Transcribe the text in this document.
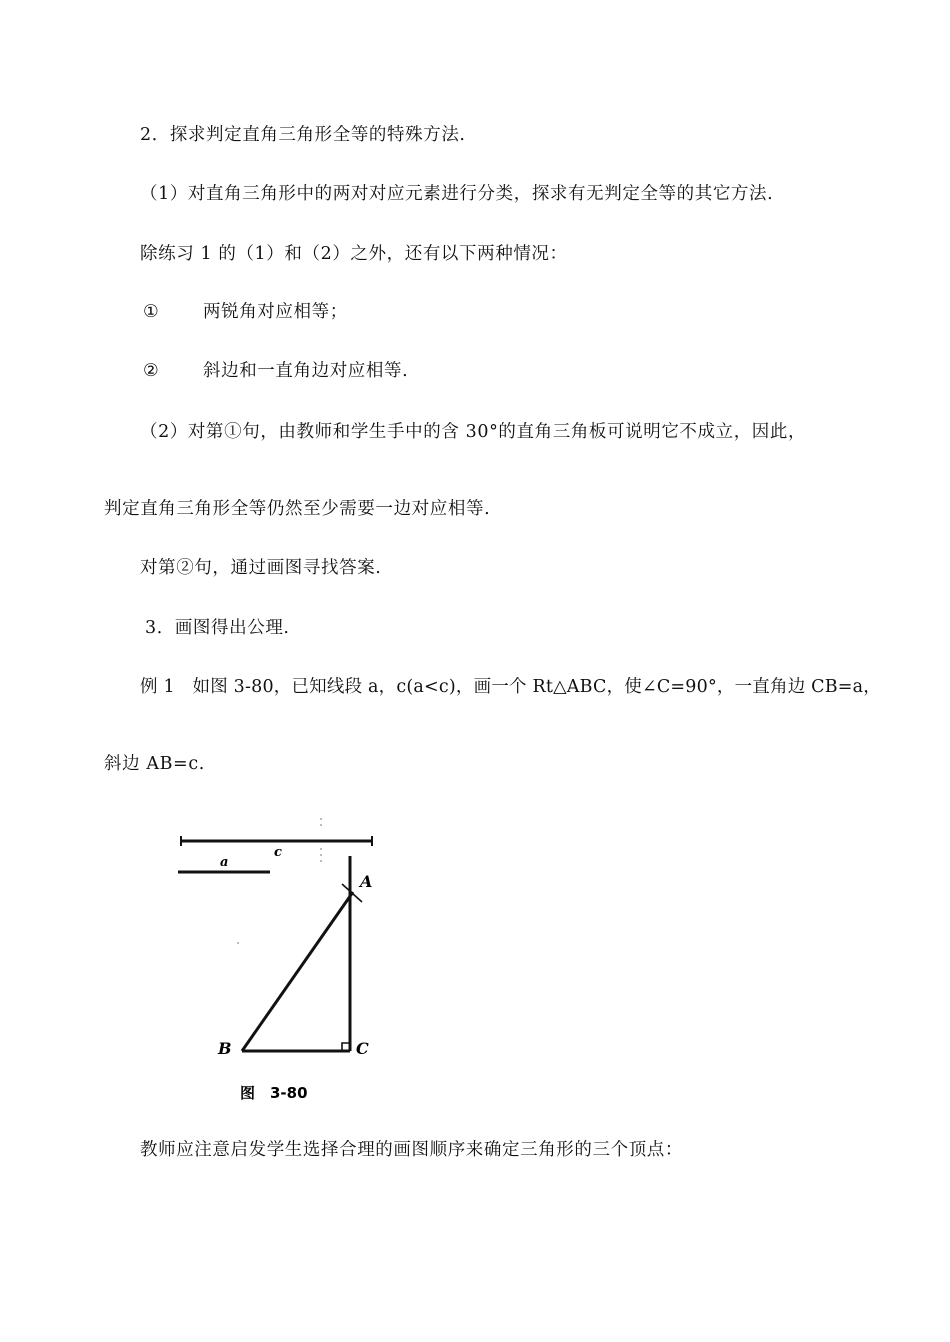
2．探求判定直角三角形全等的特殊方法.
（1）对直角三角形中的两对对应元素进行分类，探求有无判定全等的其它方法.
除练习 1 的（1）和（2）之外，还有以下两种情况：
① 两锐角对应相等；
② 斜边和一直角边对应相等.
（2）对第①句，由教师和学生手中的含 30°的直角三角板可说明它不成立，因此，
判定直角三角形全等仍然至少需要一边对应相等.
对第②句，通过画图寻找答案.
3．画图得出公理.
例 1　如图 3-80，已知线段 a，c(a<c)，画一个 Rt△ABC，使∠C=90°，一直角边 CB=a，
斜边 AB=c.
c
a
A
B	C
图　3-80
教师应注意启发学生选择合理的画图顺序来确定三角形的三个顶点：
